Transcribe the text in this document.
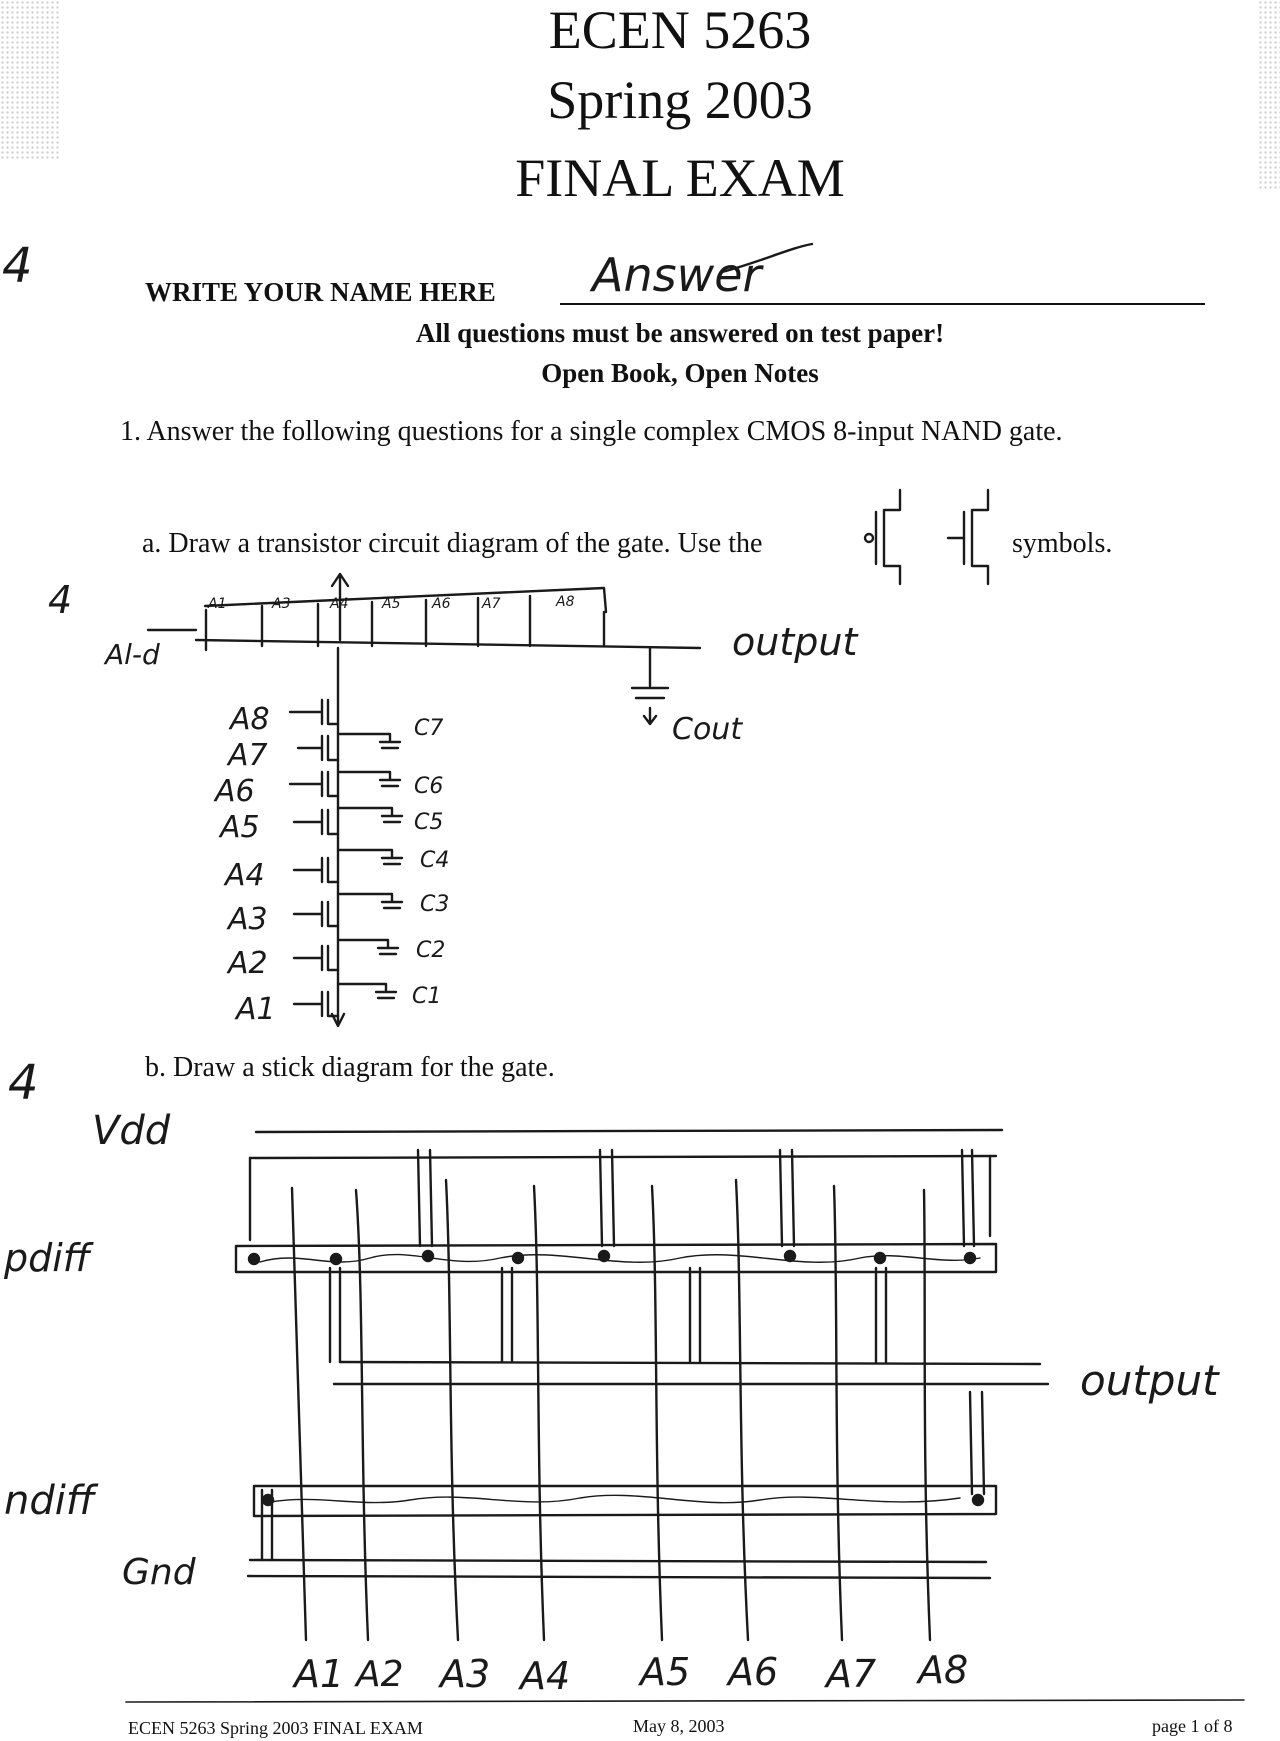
ECEN 5263
Spring 2003
FINAL EXAM
4
4
4
WRITE YOUR NAME HERE Answer
All questions must be answered on test paper!
Open Book, Open Notes
1. Answer the following questions for a single complex CMOS 8-input NAND gate.
a. Draw a transistor circuit diagram of the gate. Use the	symbols.
b. Draw a stick diagram for the gate.
Al-d	output
Cout
A8
A7
A6
A5
A4
A3
A2
A1
C7
C6
C5
C4
C3
C2
C1
A1	A3	A4 A5 A6 A7	A8
Vdd
pdiff
ndiff
Gnd
output
A1 A2 A3 A4 A5 A6 A7 A8
ECEN 5263 Spring 2003 FINAL EXAM	May 8, 2003	page 1 of 8
